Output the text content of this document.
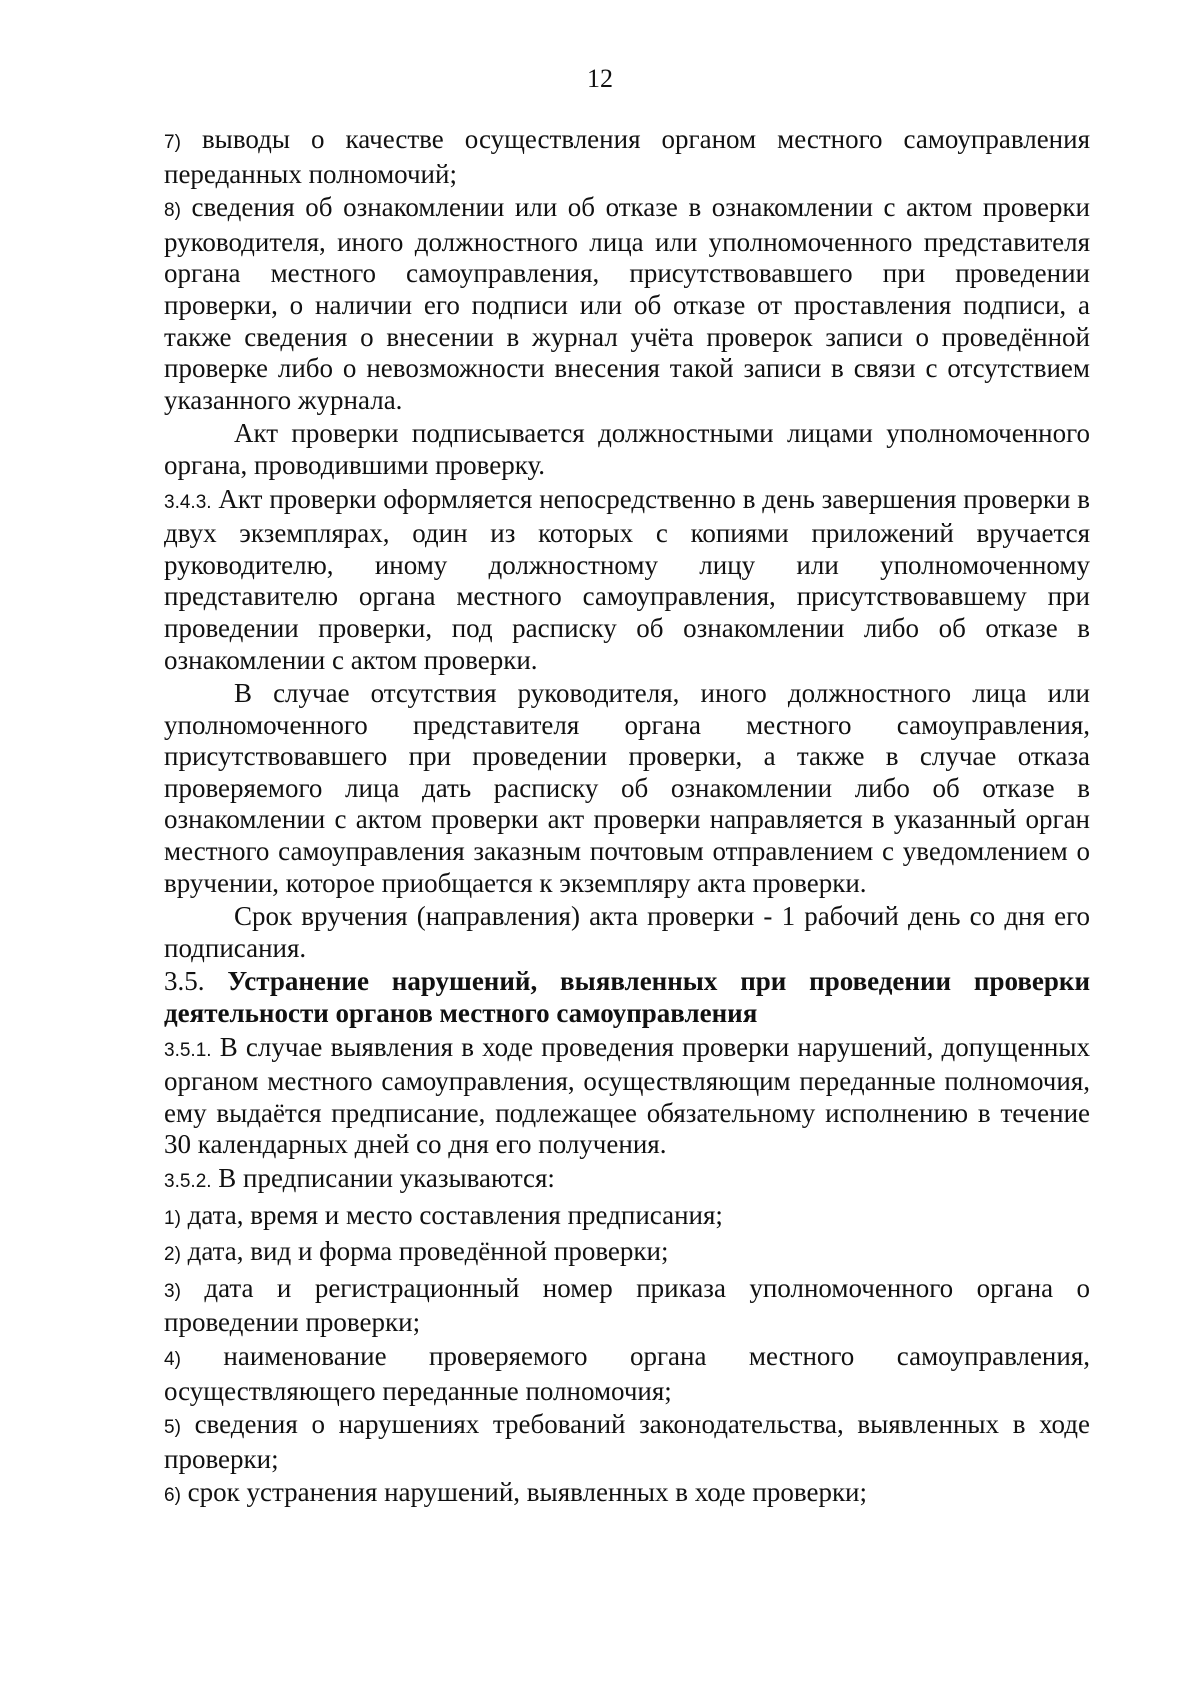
12

7) выводы о качестве осуществления органом местного самоуправления переданных полномочий;

8) сведения об ознакомлении или об отказе в ознакомлении с актом проверки руководителя, иного должностного лица или уполномоченного представителя органа местного самоуправления, присутствовавшего при проведении проверки, о наличии его подписи или об отказе от проставления подписи, а также сведения о внесении в журнал учёта проверок записи о проведённой проверке либо о невозможности внесения такой записи в связи с отсутствием указанного журнала.

Акт проверки подписывается должностными лицами уполномоченного органа, проводившими проверку.

3.4.3. Акт проверки оформляется непосредственно в день завершения проверки в двух экземплярах, один из которых с копиями приложений вручается руководителю, иному должностному лицу или уполномоченному представителю органа местного самоуправления, присутствовавшему при проведении проверки, под расписку об ознакомлении либо об отказе в ознакомлении с актом проверки.

В случае отсутствия руководителя, иного должностного лица или уполномоченного представителя органа местного самоуправления, присутствовавшего при проведении проверки, а также в случае отказа проверяемого лица дать расписку об ознакомлении либо об отказе в ознакомлении с актом проверки акт проверки направляется в указанный орган местного самоуправления заказным почтовым отправлением с уведомлением о вручении, которое приобщается к экземпляру акта проверки.

Срок вручения (направления) акта проверки - 1 рабочий день со дня его подписания.

3.5. Устранение нарушений, выявленных при проведении проверки деятельности органов местного самоуправления

3.5.1. В случае выявления в ходе проведения проверки нарушений, допущенных органом местного самоуправления, осуществляющим переданные полномочия, ему выдаётся предписание, подлежащее обязательному исполнению в течение 30 календарных дней со дня его получения.

3.5.2. В предписании указываются:

1) дата, время и место составления предписания;

2) дата, вид и форма проведённой проверки;

3) дата и регистрационный номер приказа уполномоченного органа о проведении проверки;

4) наименование проверяемого органа местного самоуправления, осуществляющего переданные полномочия;

5) сведения о нарушениях требований законодательства, выявленных в ходе проверки;

6) срок устранения нарушений, выявленных в ходе проверки;
